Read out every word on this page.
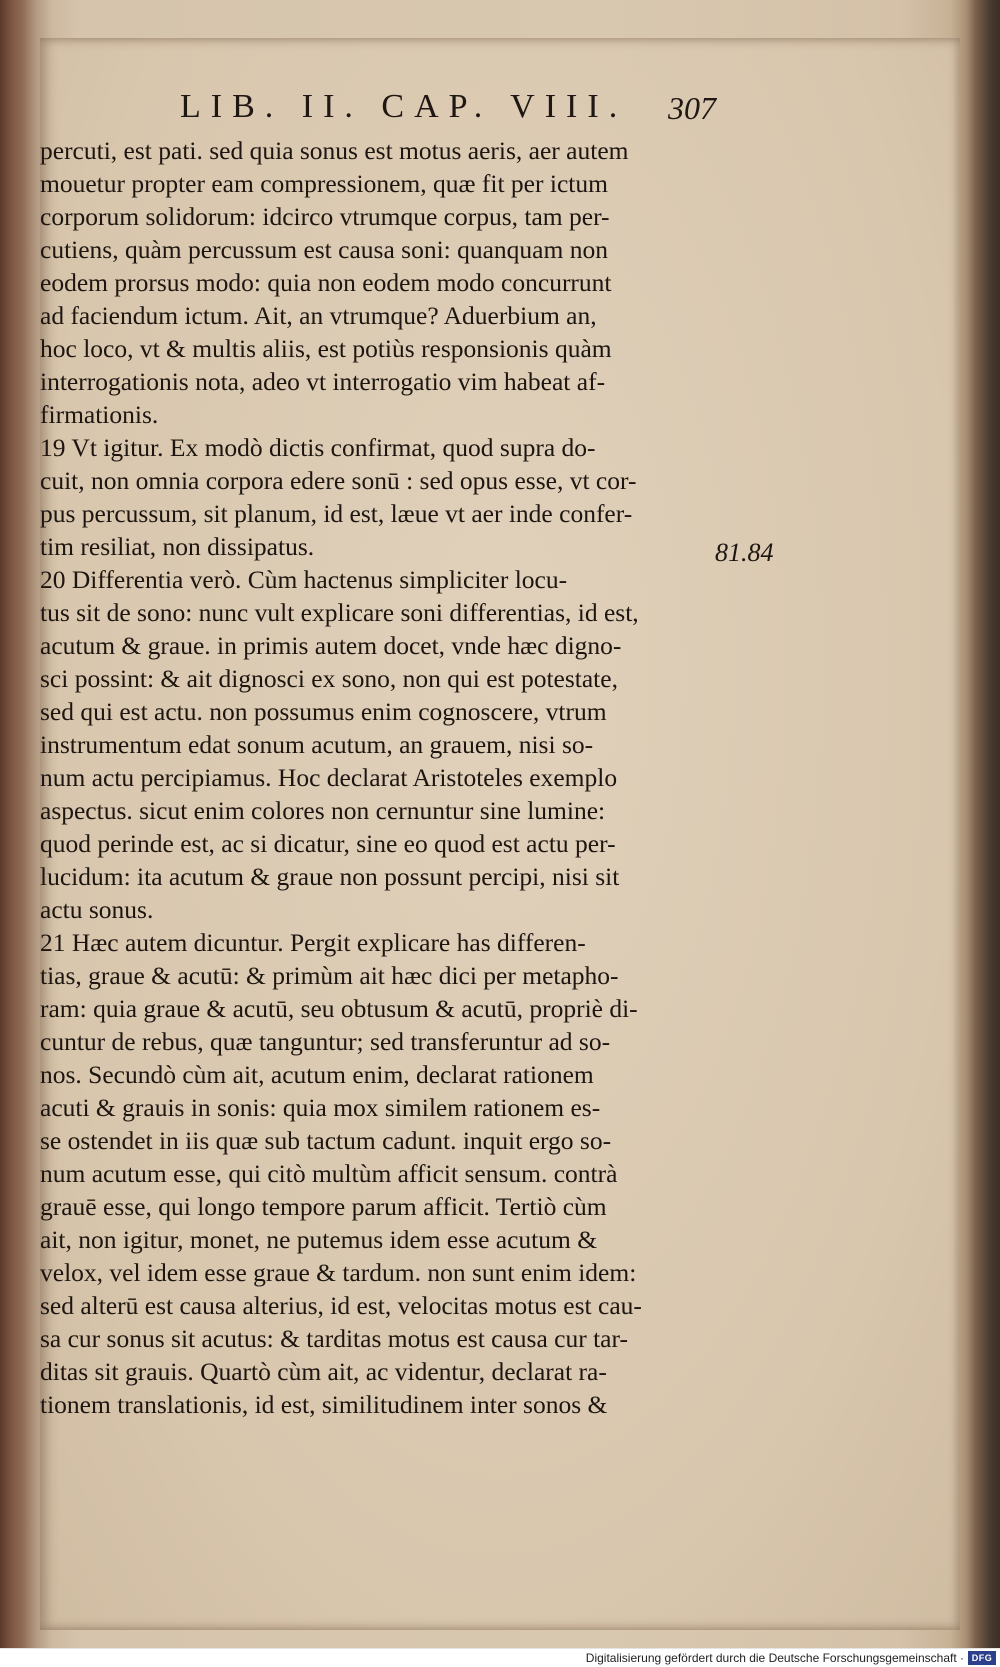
LIB. II. CAP. VIII. 307
percuti, est pati. sed quia sonus est motus aeris, aer autem
mouetur propter eam compressionem, quæ fit per ictum
corporum solidorum: idcirco vtrumque corpus, tam per-
cutiens, quàm percussum est causa soni: quanquam non
eodem prorsus modo: quia non eodem modo concurrunt
ad faciendum ictum. Ait, an vtrumque? Aduerbium an,
hoc loco, vt & multis aliis, est potiùs responsionis quàm
interrogationis nota, adeo vt interrogatio vim habeat af-
firmationis.
19 Vt igitur. Ex modò dictis confirmat, quod supra do-
cuit, non omnia corpora edere sonū : sed opus esse, vt cor-
pus percussum, sit planum, id est, læue vt aer inde confer-
tim resiliat, non dissipatus.
20 Differentia verò. Cùm hactenus simpliciter locu-
tus sit de sono: nunc vult explicare soni differentias, id est,
acutum & graue. in primis autem docet, vnde hæc digno-
sci possint: & ait dignosci ex sono, non qui est potestate,
sed qui est actu. non possumus enim cognoscere, vtrum
instrumentum edat sonum acutum, an grauem, nisi so-
num actu percipiamus. Hoc declarat Aristoteles exemplo
aspectus. sicut enim colores non cernuntur sine lumine:
quod perinde est, ac si dicatur, sine eo quod est actu per-
lucidum: ita acutum & graue non possunt percipi, nisi sit
actu sonus.
21 Hæc autem dicuntur. Pergit explicare has differen-
tias, graue & acutū: & primùm ait hæc dici per metapho-
ram: quia graue & acutū, seu obtusum & acutū, propriè di-
cuntur de rebus, quæ tanguntur; sed transferuntur ad so-
nos. Secundò cùm ait, acutum enim, declarat rationem
acuti & grauis in sonis: quia mox similem rationem es-
se ostendet in iis quæ sub tactum cadunt. inquit ergo so-
num acutum esse, qui citò multùm afficit sensum. contrà
grauē esse, qui longo tempore parum afficit. Tertiò cùm
ait, non igitur, monet, ne putemus idem esse acutum &
velox, vel idem esse graue & tardum. non sunt enim idem:
sed alterū est causa alterius, id est, velocitas motus est cau-
sa cur sonus sit acutus: & tarditas motus est causa cur tar-
ditas sit grauis. Quartò cùm ait, ac videntur, declarat ra-
tionem translationis, id est, similitudinem inter sonos &
81.84
Digitalisierung gefördert durch die Deutsche Forschungsgemeinschaft · DFG
